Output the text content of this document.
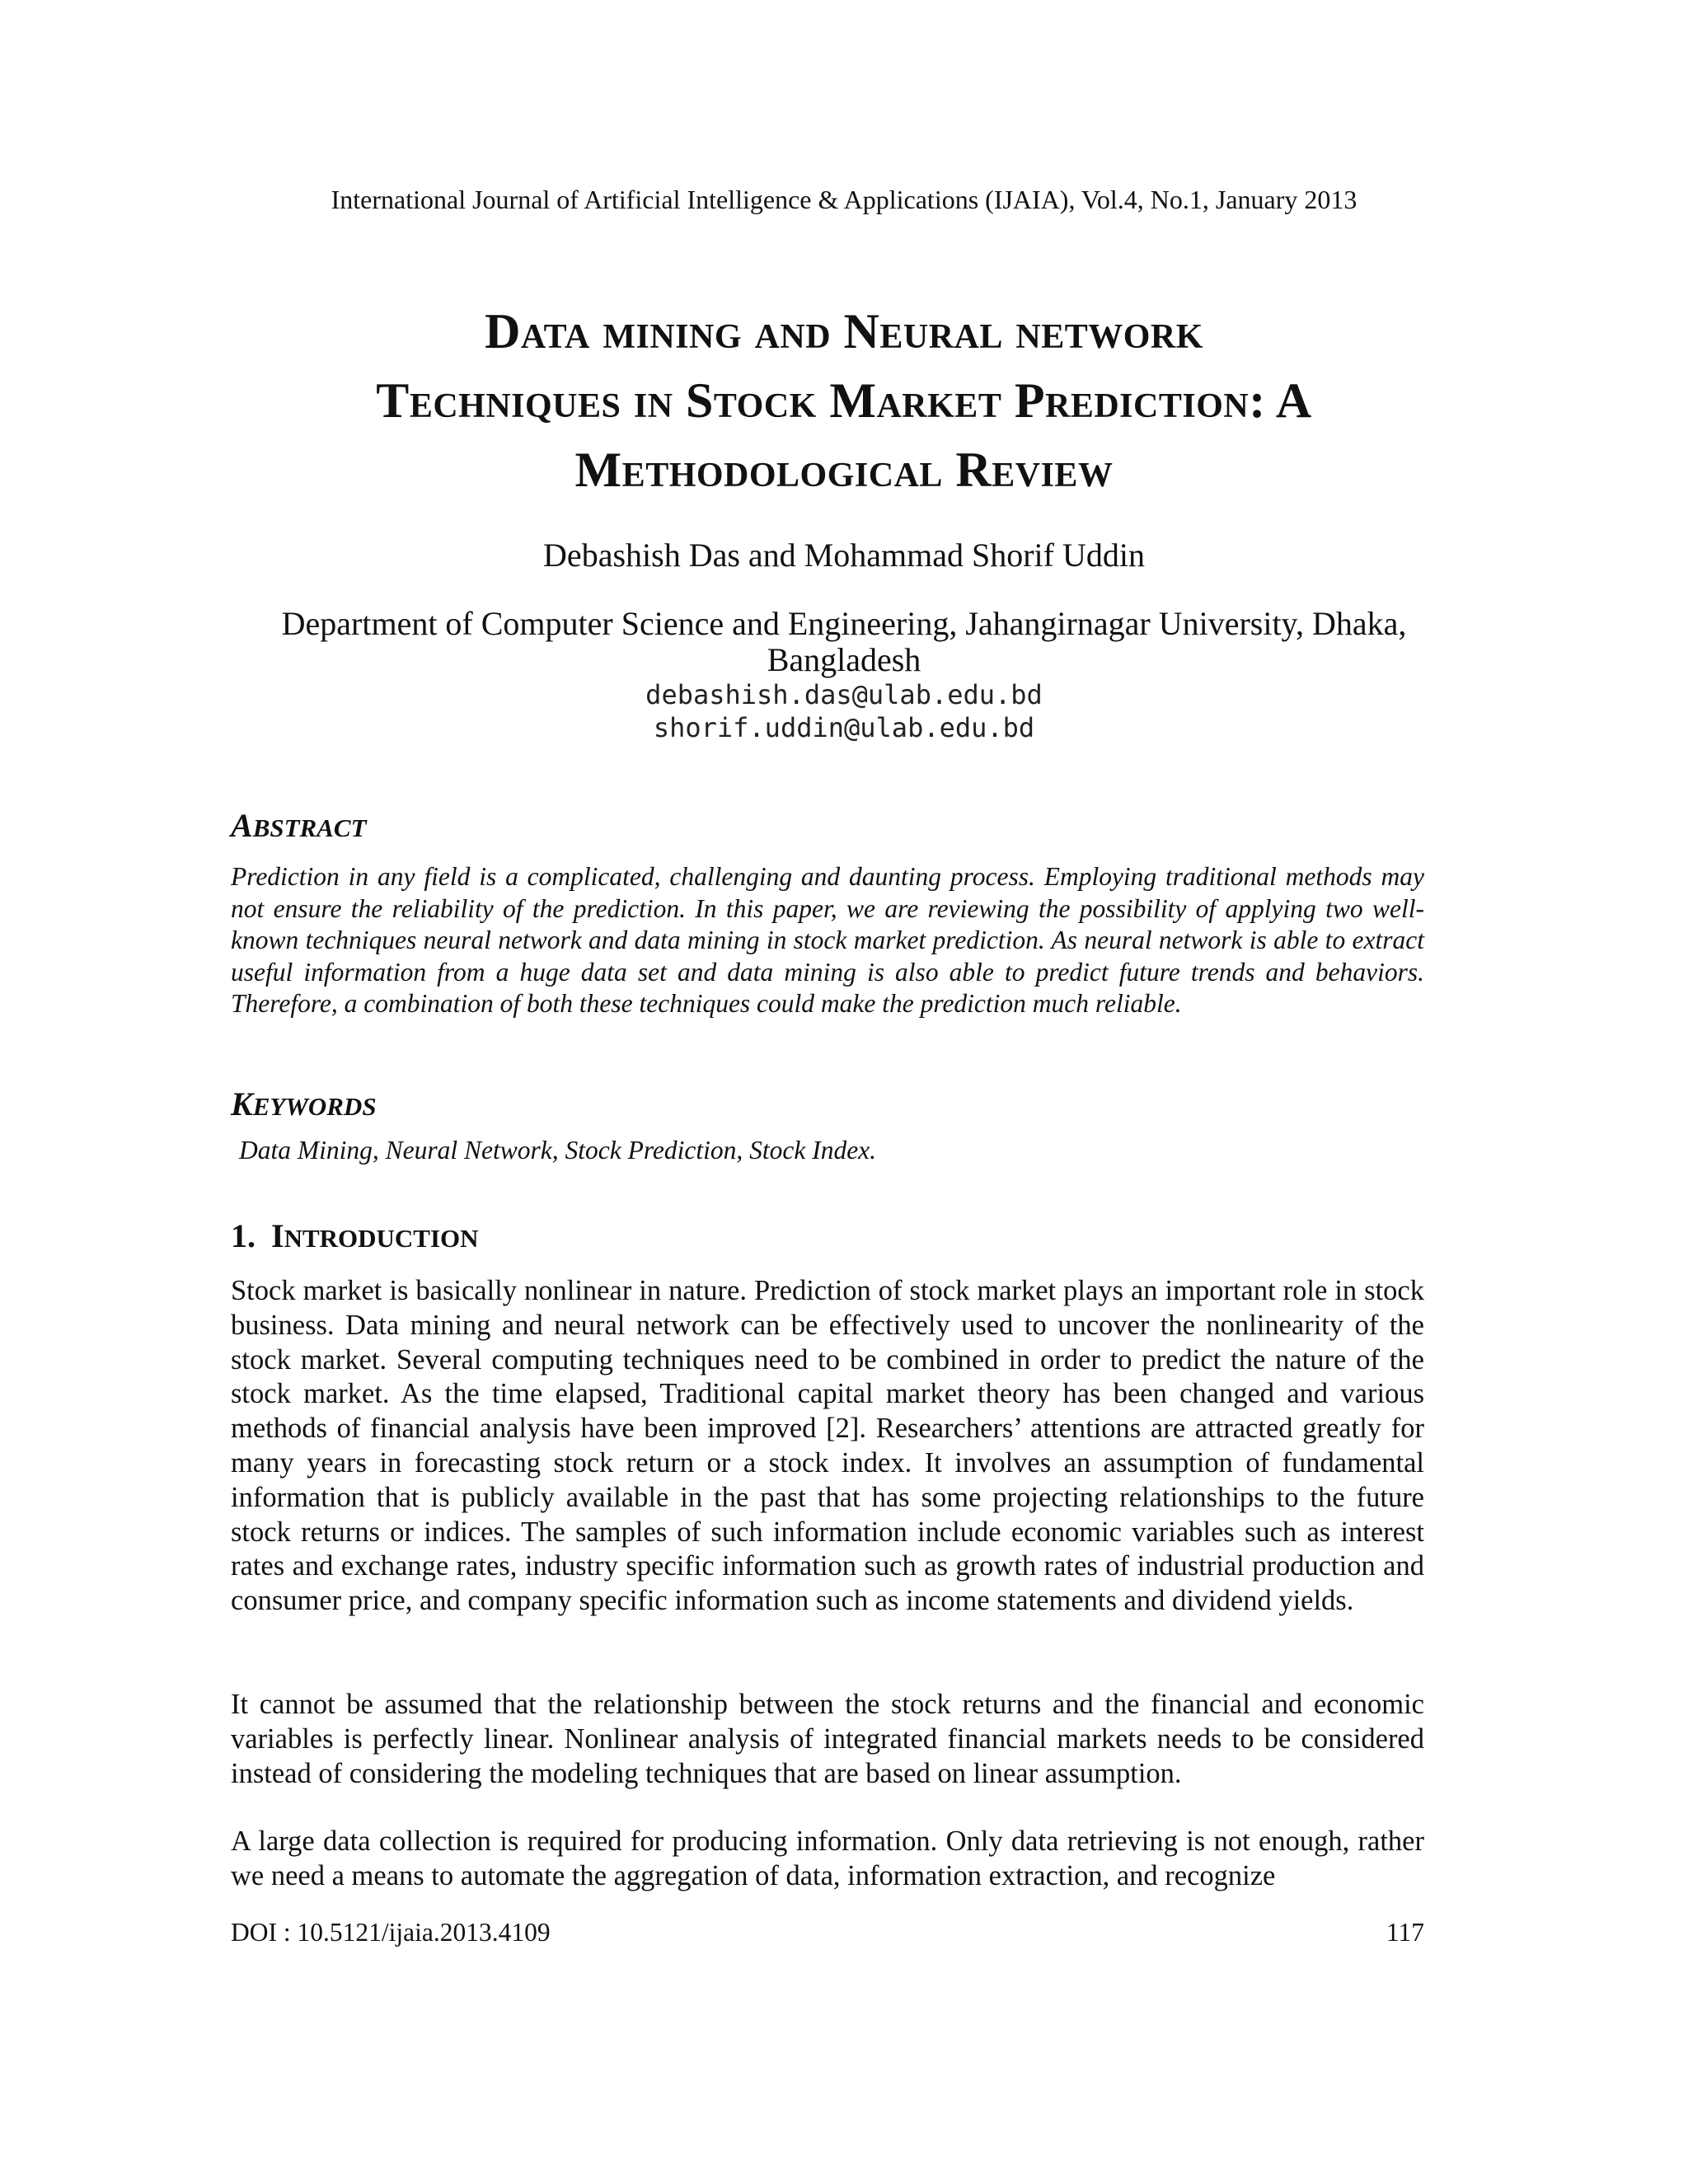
International Journal of Artificial Intelligence & Applications (IJAIA), Vol.4, No.1, January 2013
Data mining and Neural network
Techniques in Stock Market Prediction: A
Methodological Review
Debashish Das and Mohammad Shorif Uddin
Department of Computer Science and Engineering, Jahangirnagar University, Dhaka,
Bangladesh
debashish.das@ulab.edu.bd
shorif.uddin@ulab.edu.bd
ABSTRACT

Prediction in any field is a complicated, challenging and daunting process. Employing traditional methods may not ensure the reliability of the prediction. In this paper, we are reviewing the possibility of applying two well-known techniques neural network and data mining in stock market prediction. As neural network is able to extract useful information from a huge data set and data mining is also able to predict future trends and behaviors. Therefore, a combination of both these techniques could make the prediction much reliable.

KEYWORDS

Data Mining, Neural Network, Stock Prediction, Stock Index.

1. INTRODUCTION

Stock market is basically nonlinear in nature. Prediction of stock market plays an important role in stock business. Data mining and neural network can be effectively used to uncover the nonlinearity of the stock market. Several computing techniques need to be combined in order to predict the nature of the stock market. As the time elapsed, Traditional capital market theory has been changed and various methods of financial analysis have been improved [2]. Researchers’ attentions are attracted greatly for many years in forecasting stock return or a stock index. It involves an assumption of fundamental information that is publicly available in the past that has some projecting relationships to the future stock returns or indices. The samples of such information include economic variables such as interest rates and exchange rates, industry specific information such as growth rates of industrial production and consumer price, and company specific information such as income statements and dividend yields.

It cannot be assumed that the relationship between the stock returns and the financial and economic variables is perfectly linear. Nonlinear analysis of integrated financial markets needs to be considered instead of considering the modeling techniques that are based on linear assumption.

A large data collection is required for producing information. Only data retrieving is not enough, rather we need a means to automate the aggregation of data, information extraction, and recognize

DOI : 10.5121/ijaia.2013.4109	117
